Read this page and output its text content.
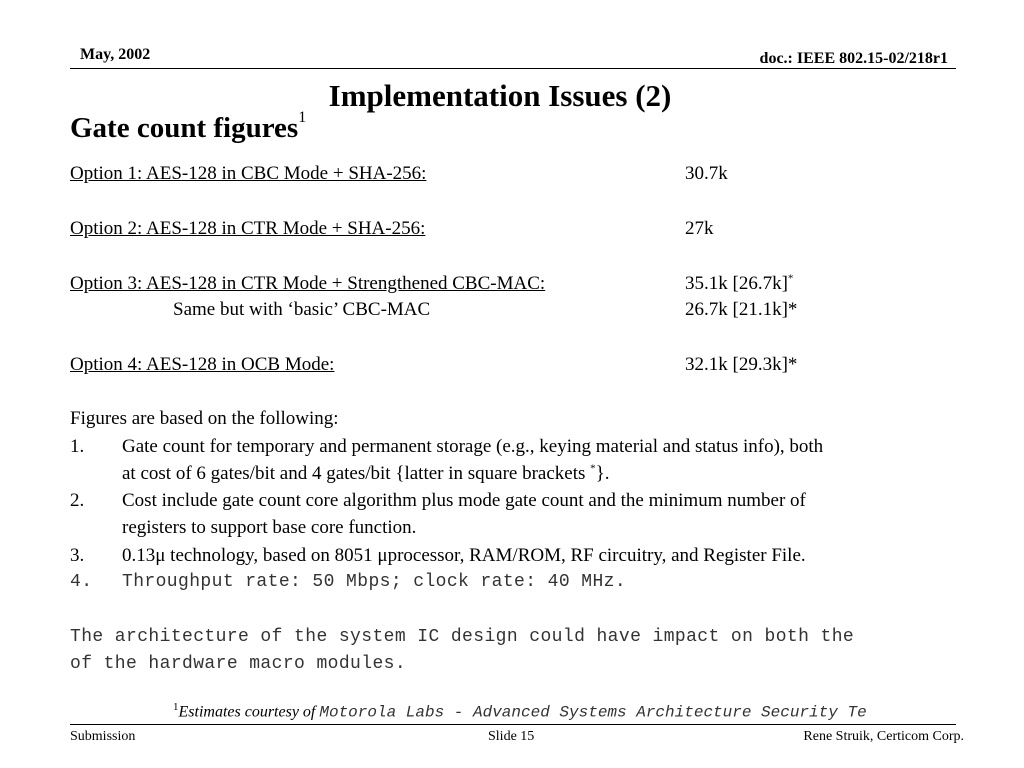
May, 2002	doc.: IEEE 802.15-02/218r1
Implementation Issues (2)
Gate count figures$^1$
Option 1: AES-128 in CBC Mode + SHA-256:	30.7k
Option 2: AES-128 in CTR Mode + SHA-256:	27k
Option 3: AES-128 in CTR Mode + Strengthened CBC-MAC:	35.1k [26.7k]*
Same but with ‘basic’ CBC-MAC	26.7k [21.1k]*
Option 4: AES-128 in OCB Mode:	32.1k [29.3k]*
Figures are based on the following:
1. Gate count for temporary and permanent storage (e.g., keying material and status info), both
at cost of 6 gates/bit and 4 gates/bit {latter in square brackets *}.
2. Cost include gate count core algorithm plus mode gate count and the minimum number of
registers to support base core function.
3. 0.13μ technology, based on 8051 μprocessor, RAM/ROM, RF circuitry, and Register File.
4. Throughput rate: 50 Mbps; clock rate: 40 MHz.
The architecture of the system IC design could have impact on both the
of the hardware macro modules.
$^1$Estimates courtesy of Motorola Labs - Advanced Systems Architecture Security Te
Submission	Slide 15	Rene Struik, Certicom Corp.
